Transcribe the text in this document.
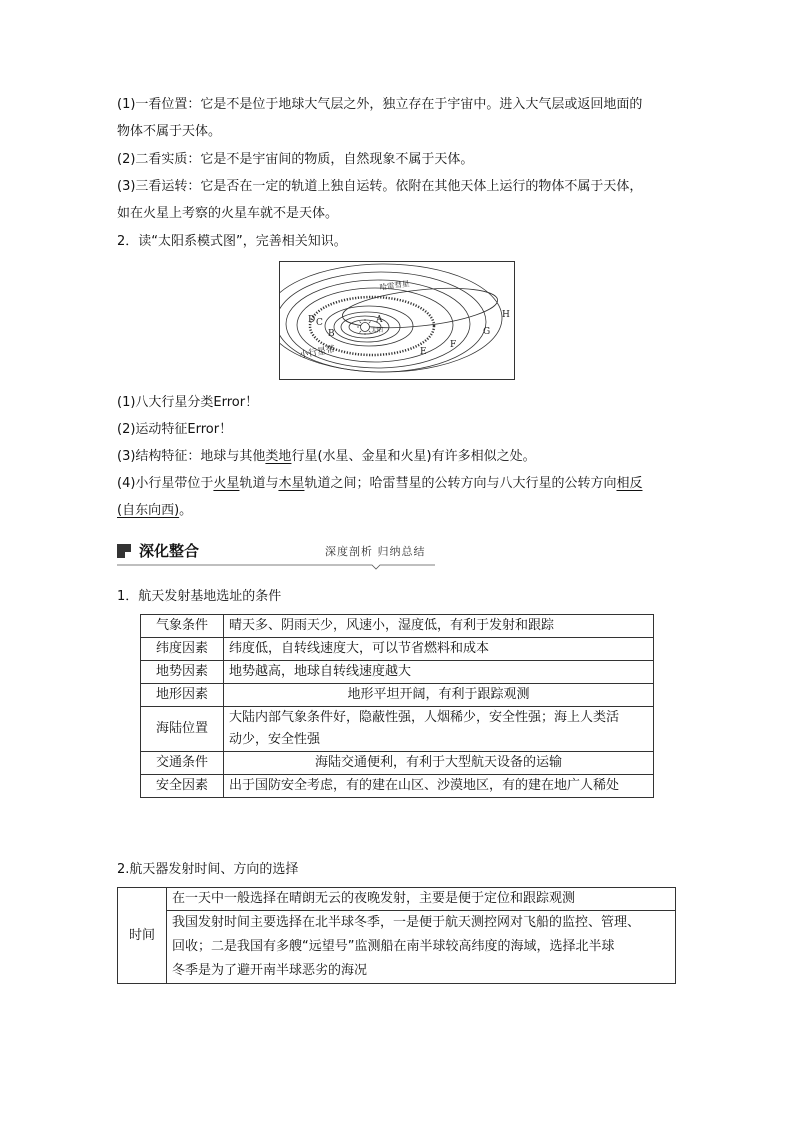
(1)一看位置：它是不是位于地球大气层之外，独立存在于宇宙中。进入大气层或返回地面的
物体不属于天体。
(2)二看实质：它是不是宇宙间的物质，自然现象不属于天体。
(3)三看运转：它是否在一定的轨道上独自运转。依附在其他天体上运行的物体不属于天体，
如在火星上考察的火星车就不是天体。
2．读“太阳系模式图”，完善相关知识。
A
B
C
D
E
F
G
H
太阳
哈雷彗星
小行星带
(1)八大行星分类Error！
(2)运动特征Error！
(3)结构特征：地球与其他类地行星(水星、金星和火星)有许多相似之处。
(4)小行星带位于火星轨道与木星轨道之间；哈雷彗星的公转方向与八大行星的公转方向相反
(自东向西)。
深化整合	深度剖析 归纳总结
1．航天发射基地选址的条件
气象条件	晴天多、阴雨天少，风速小，湿度低，有利于发射和跟踪
纬度因素	纬度低，自转线速度大，可以节省燃料和成本
地势因素	地势越高，地球自转线速度越大
地形因素	地形平坦开阔，有利于跟踪观测
海陆位置	大陆内部气象条件好，隐蔽性强，人烟稀少，安全性强；海上人类活
动少，安全性强

交通条件	海陆交通便利，有利于大型航天设备的运输
安全因素	出于国防安全考虑，有的建在山区、沙漠地区，有的建在地广人稀处
2.航天器发射时间、方向的选择
时间	在一天中一般选择在晴朗无云的夜晚发射，主要是便于定位和跟踪观测

我国发射时间主要选择在北半球冬季，一是便于航天测控网对飞船的监控、管理、
回收；二是我国有多艘“远望号”监测船在南半球较高纬度的海域，选择北半球
冬季是为了避开南半球恶劣的海况
